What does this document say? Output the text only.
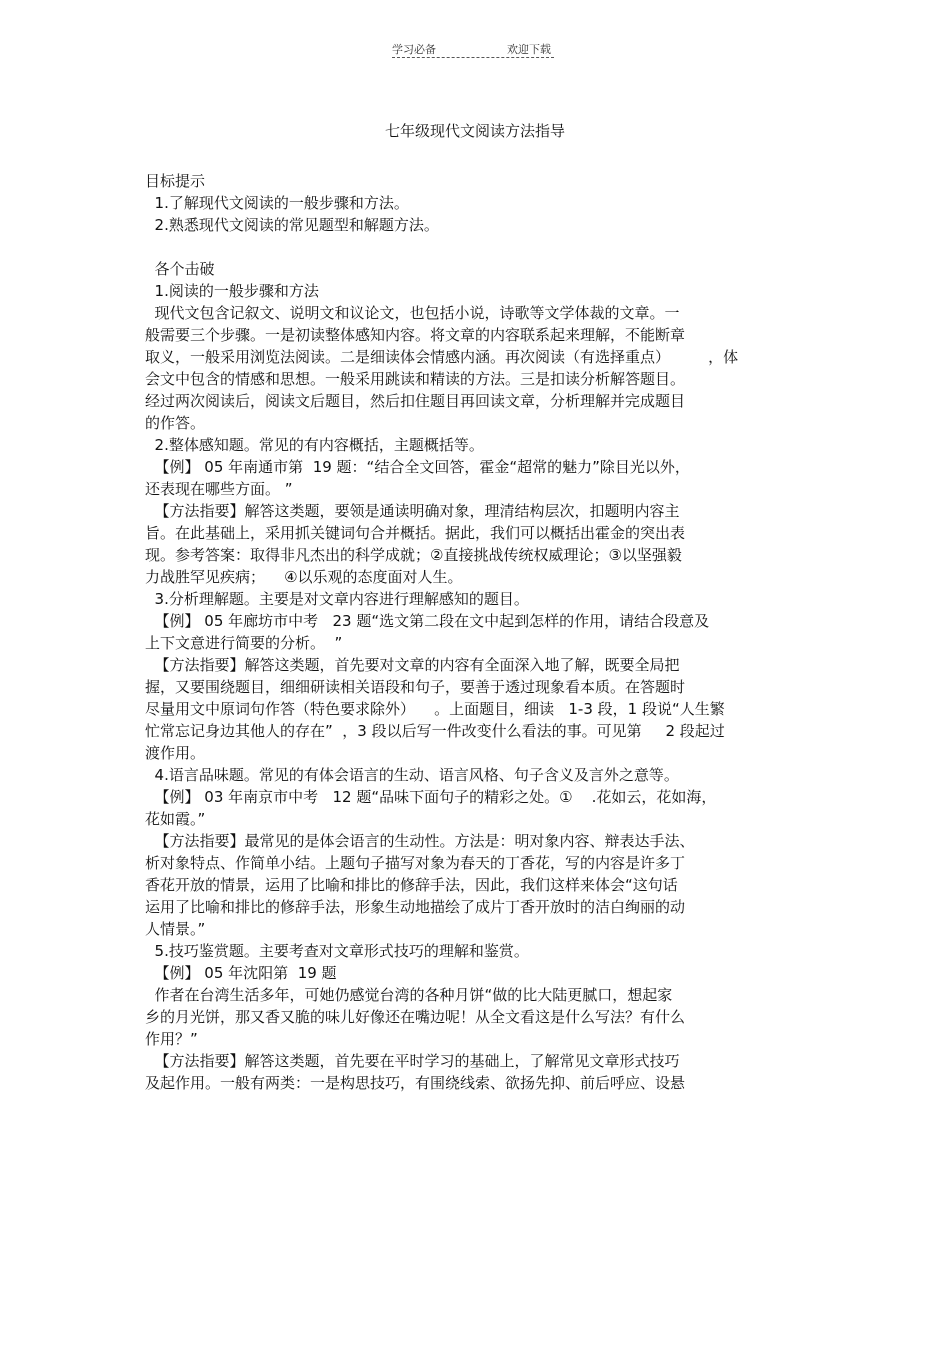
学习必备	欢迎下载
七年级现代文阅读方法指导
目标提示
1.了解现代文阅读的一般步骤和方法。
2.熟悉现代文阅读的常见题型和解题方法。
各个击破
1.阅读的一般步骤和方法
现代文包含记叙文、说明文和议论文，也包括小说，诗歌等文学体裁的文章。一
般需要三个步骤。一是初读整体感知内容。将文章的内容联系起来理解，不能断章
取义，一般采用浏览法阅读。二是细读体会情感内涵。再次阅读（有选择重点）        ，体
会文中包含的情感和思想。一般采用跳读和精读的方法。三是扣读分析解答题目。
经过两次阅读后，阅读文后题目，然后扣住题目再回读文章，分析理解并完成题目
的作答。
2.整体感知题。常见的有内容概括，主题概括等。
【例】 05 年南通市第  19 题：“结合全文回答，霍金“超常的魅力”除目光以外，
还表现在哪些方面。 ”
【方法指要】解答这类题，要领是通读明确对象，理清结构层次，扣题明内容主
旨。在此基础上，采用抓关键词句合并概括。据此，我们可以概括出霍金的突出表
现。参考答案：取得非凡杰出的科学成就；②直接挑战传统权威理论；③以坚强毅
力战胜罕见疾病；    ④以乐观的态度面对人生。
3.分析理解题。主要是对文章内容进行理解感知的题目。
【例】 05 年廊坊市中考   23 题“选文第二段在文中起到怎样的作用，请结合段意及
上下文意进行简要的分析。  ”
【方法指要】解答这类题，首先要对文章的内容有全面深入地了解，既要全局把
握，又要围绕题目，细细研读相关语段和句子，要善于透过现象看本质。在答题时
尽量用文中原词句作答（特色要求除外）    。上面题目，细读   1-3 段，1 段说“人生繁
忙常忘记身边其他人的存在”  ，3 段以后写一件改变什么看法的事。可见第     2 段起过
渡作用。
4.语言品味题。常见的有体会语言的生动、语言风格、句子含义及言外之意等。
【例】 03 年南京市中考   12 题“品味下面句子的精彩之处。①    .花如云，花如海，
花如霞。”
【方法指要】最常见的是体会语言的生动性。方法是：明对象内容、辩表达手法、
析对象特点、作简单小结。上题句子描写对象为春天的丁香花，写的内容是许多丁
香花开放的情景，运用了比喻和排比的修辞手法，因此，我们这样来体会“这句话
运用了比喻和排比的修辞手法，形象生动地描绘了成片丁香开放时的洁白绚丽的动
人情景。”
5.技巧鉴赏题。主要考查对文章形式技巧的理解和鉴赏。
【例】 05 年沈阳第  19 题
作者在台湾生活多年，可她仍感觉台湾的各种月饼“做的比大陆更腻口，想起家
乡的月光饼，那又香又脆的味儿好像还在嘴边呢！从全文看这是什么写法？有什么
作用？”
【方法指要】解答这类题，首先要在平时学习的基础上，了解常见文章形式技巧
及起作用。一般有两类：一是构思技巧，有围绕线索、欲扬先抑、前后呼应、设悬
